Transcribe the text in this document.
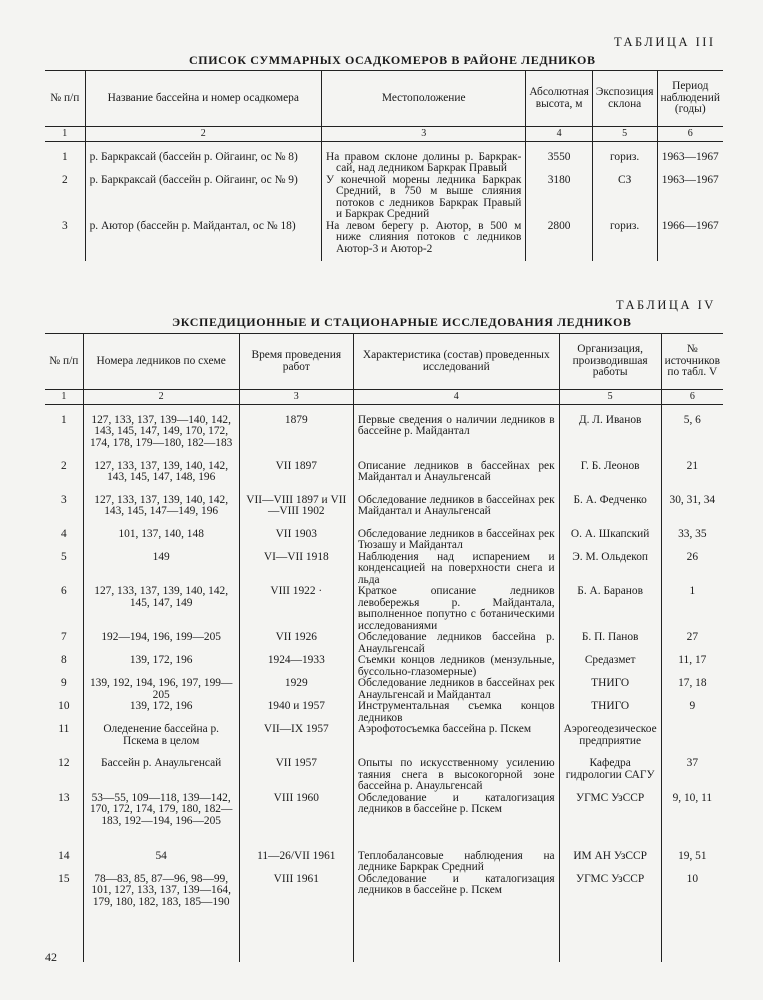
ТАБЛИЦА III
СПИСОК СУММАРНЫХ ОСАДКОМЕРОВ В РАЙОНЕ ЛЕДНИКОВ
№ п/п	Название бассейна и номер осадкомера	Местоположение	Абсолютная высота, м	Экспозиция склона	Период наблюдений (годы)
1	2	3	4	5	6

1	р. Баркраксай (бассейн р. Ойгаинг, ос № 8)	На правом склоне долины р. Баркрак-сай, над ледником Баркрак Правый	3550	гориз.	1963—1967
2	р. Баркраксай (бассейн р. Ойгаинг, ос № 9)	У конечной морены ледника Баркрак Средний, в 750 м выше слияния потоков с ледников Баркрак Правый и Баркрак Средний	3180	СЗ	1963—1967
3	р. Аютор (бассейн р. Майдантал, ос № 18)	На левом берегу р. Аютор, в 500 м ниже слияния потоков с ледников Аютор-3 и Аютор-2	2800	гориз.	1966—1967

ТАБЛИЦА IV
ЭКСПЕДИЦИОННЫЕ И СТАЦИОНАРНЫЕ ИССЛЕДОВАНИЯ ЛЕДНИКОВ
№ п/п	Номера ледников по схеме	Время проведения работ	Характеристика (состав) проведенных исследований	Организация, производившая работы	№ источников по табл. V
1	2	3	4	5	6

1	127, 133, 137, 139—140, 142, 143, 145, 147, 149, 170, 172, 174, 178, 179—180, 182—183	1879	Первые сведения о наличии ледников в бассейне р. Майдантал	Д. Л. Иванов	5, 6
2	127, 133, 137, 139, 140, 142, 143, 145, 147, 148, 196	VII 1897	Описание ледников в бассейнах рек Майдантал и Анаульгенсай	Г. Б. Леонов	21
3	127, 133, 137, 139, 140, 142, 143, 145, 147—149, 196	VII—VIII 1897 и VII—VIII 1902	Обследование ледников в бассейнах рек Майдантал и Анаульгенсай	Б. А. Федченко	30, 31, 34
4	101, 137, 140, 148	VII 1903	Обследование ледников в бассейнах рек Тюзашу и Майдантал	О. А. Шкапский	33, 35
5	149	VI—VII 1918	Наблюдения над испарением и конденсацией на поверхности снега и льда	Э. М. Ольдекоп	26
6	127, 133, 137, 139, 140, 142, 145, 147, 149	VIII 1922 ·	Краткое описание ледников левобережья р. Майдантала, выполненное попутно с ботаническими исследованиями	Б. А. Баранов	1
7	192—194, 196, 199—205	VII 1926	Обследование ледников бассейна р. Анаульгенсай	Б. П. Панов	27
8	139, 172, 196	1924—1933	Съемки концов ледников (мензульные, буссольно-глазомерные)	Средазмет	11, 17
9	139, 192, 194, 196, 197, 199—205	1929	Обследование ледников в бассейнах рек Анаульгенсай и Майдантал	ТНИГО	17, 18
10	139, 172, 196	1940 и 1957	Инструментальная съемка концов ледников	ТНИГО	9
11	Оледенение бассейна р. Пскема в целом	VII—IX 1957	Аэрофотосъемка бассейна р. Пскем	Аэрогеодезическое предприятие	
12	Бассейн р. Анаульгенсай	VII 1957	Опыты по искусственному усилению таяния снега в высокогорной зоне бассейна р. Анаульгенсай	Кафедра гидрологии САГУ	37
13	53—55, 109—118, 139—142, 170, 172, 174, 179, 180, 182—183, 192—194, 196—205	VIII 1960	Обследование и каталогизация ледников в бассейне р. Пскем	УГМС УзССР	9, 10, 11
14	54	11—26/VII 1961	Теплобалансовые наблюдения на леднике Баркрак Средний	ИМ АН УзССР	19, 51
15	78—83, 85, 87—96, 98—99, 101, 127, 133, 137, 139—164, 179, 180, 182, 183, 185—190	VIII 1961	Обследование и каталогизация ледников в бассейне р. Пскем	УГМС УзССР	10

42
